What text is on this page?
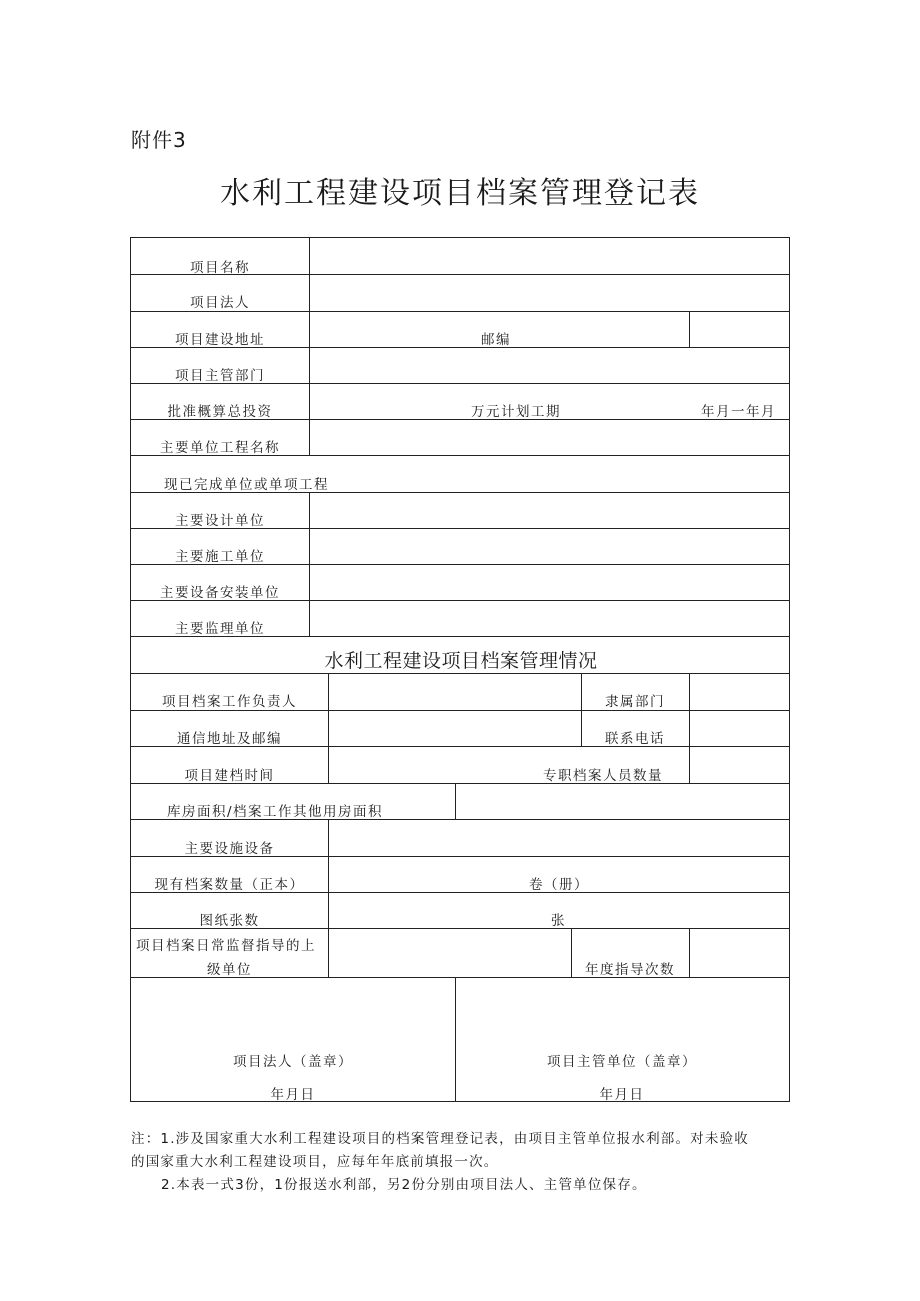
附件3
水利工程建设项目档案管理登记表
项目名称
项目法人
项目建设地址	邮编
项目主管部门
批准概算总投资	万元计划工期	年月一年月
主要单位工程名称
现已完成单位或单项工程
主要设计单位
主要施工单位
主要设备安装单位
主要监理单位
水利工程建设项目档案管理情况
项目档案工作负责人	隶属部门
通信地址及邮编	联系电话
项目建档时间	专职档案人员数量
库房面积/档案工作其他用房面积
主要设施设备
现有档案数量（正本）	卷（册）
图纸张数	张
项目档案日常监督指导的上
级单位	年度指导次数
项目法人（盖章）
年月日
项目主管单位（盖章）
年月日

注：1.涉及国家重大水利工程建设项目的档案管理登记表，由项目主管单位报水利部。对未验收

的国家重大水利工程建设项目，应每年年底前填报一次。

2.本表一式3份，1份报送水利部，另2份分别由项目法人、主管单位保存。
